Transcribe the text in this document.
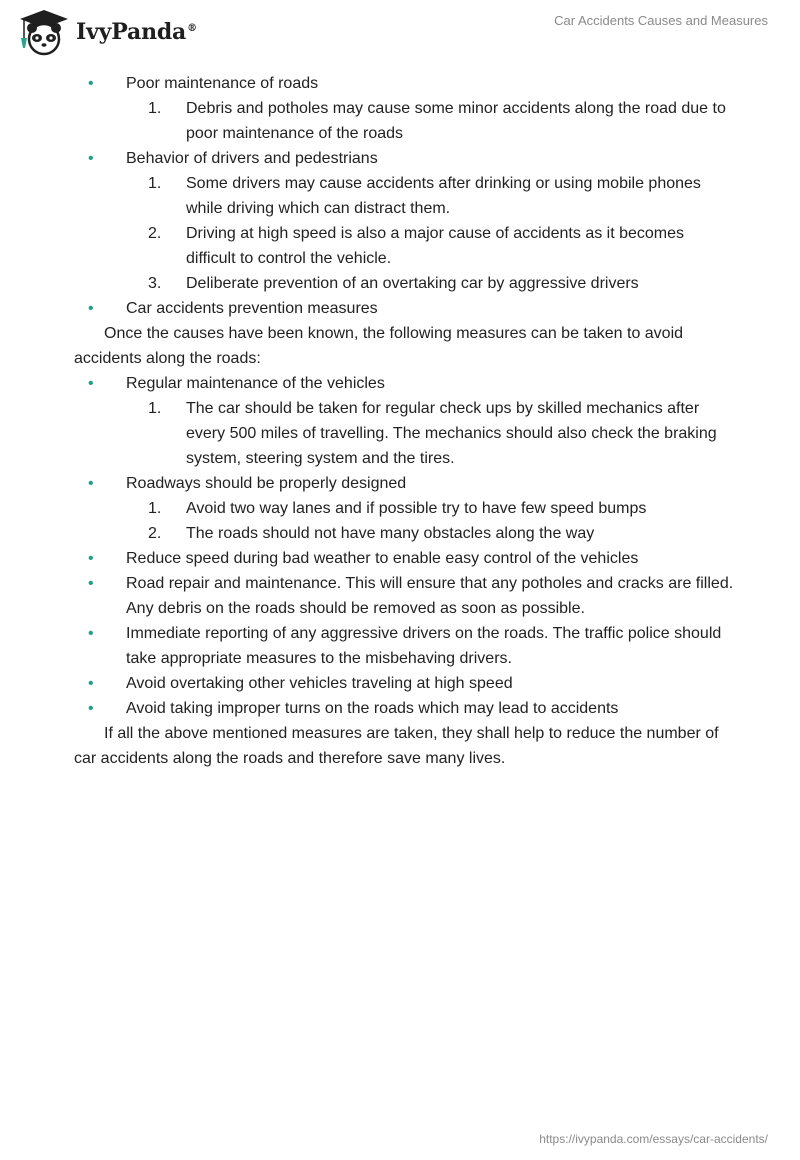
IvyPanda®
Car Accidents Causes and Measures
• Poor maintenance of roads
1. Debris and potholes may cause some minor accidents along the road due to poor maintenance of the roads
• Behavior of drivers and pedestrians
1. Some drivers may cause accidents after drinking or using mobile phones while driving which can distract them.
2. Driving at high speed is also a major cause of accidents as it becomes difficult to control the vehicle.
3. Deliberate prevention of an overtaking car by aggressive drivers
• Car accidents prevention measures

Once the causes have been known, the following measures can be taken to avoid accidents along the roads:

• Regular maintenance of the vehicles
1. The car should be taken for regular check ups by skilled mechanics after every 500 miles of travelling. The mechanics should also check the braking system, steering system and the tires.
• Roadways should be properly designed
1. Avoid two way lanes and if possible try to have few speed bumps
2. The roads should not have many obstacles along the way
• Reduce speed during bad weather to enable easy control of the vehicles
• Road repair and maintenance. This will ensure that any potholes and cracks are filled. Any debris on the roads should be removed as soon as possible.
• Immediate reporting of any aggressive drivers on the roads. The traffic police should take appropriate measures to the misbehaving drivers.
• Avoid overtaking other vehicles traveling at high speed
• Avoid taking improper turns on the roads which may lead to accidents

If all the above mentioned measures are taken, they shall help to reduce the number of car accidents along the roads and therefore save many lives.

https://ivypanda.com/essays/car-accidents/
